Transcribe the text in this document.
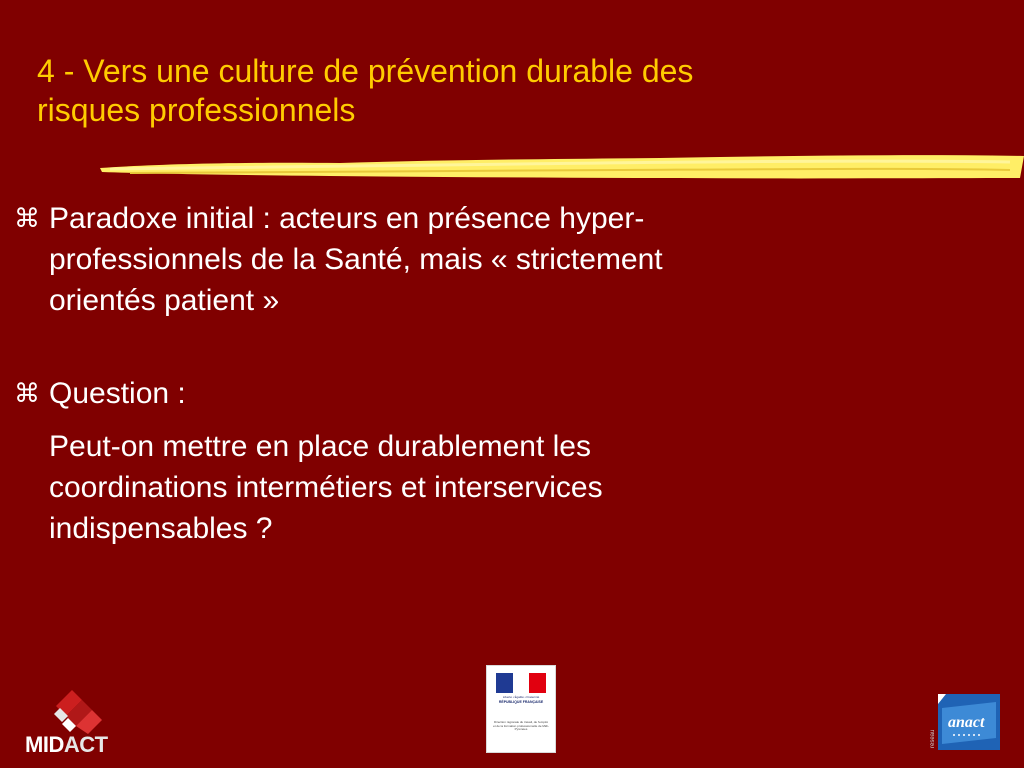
4 - Vers une culture de prévention durable des
risques professionnels
⌘ Paradoxe initial : acteurs en présence hyper-
professionnels de la Santé, mais « strictement
orientés patient »
⌘ Question :
Peut-on mettre en place durablement les
coordinations intermétiers et interservices
indispensables ?
MIDACT
Liberté • Égalité • Fraternité
RÉPUBLIQUE FRANÇAISE
Direction régionale du travail, de l'emploi et de la formation professionnelle de Midi-Pyrénées
réseau
anact
